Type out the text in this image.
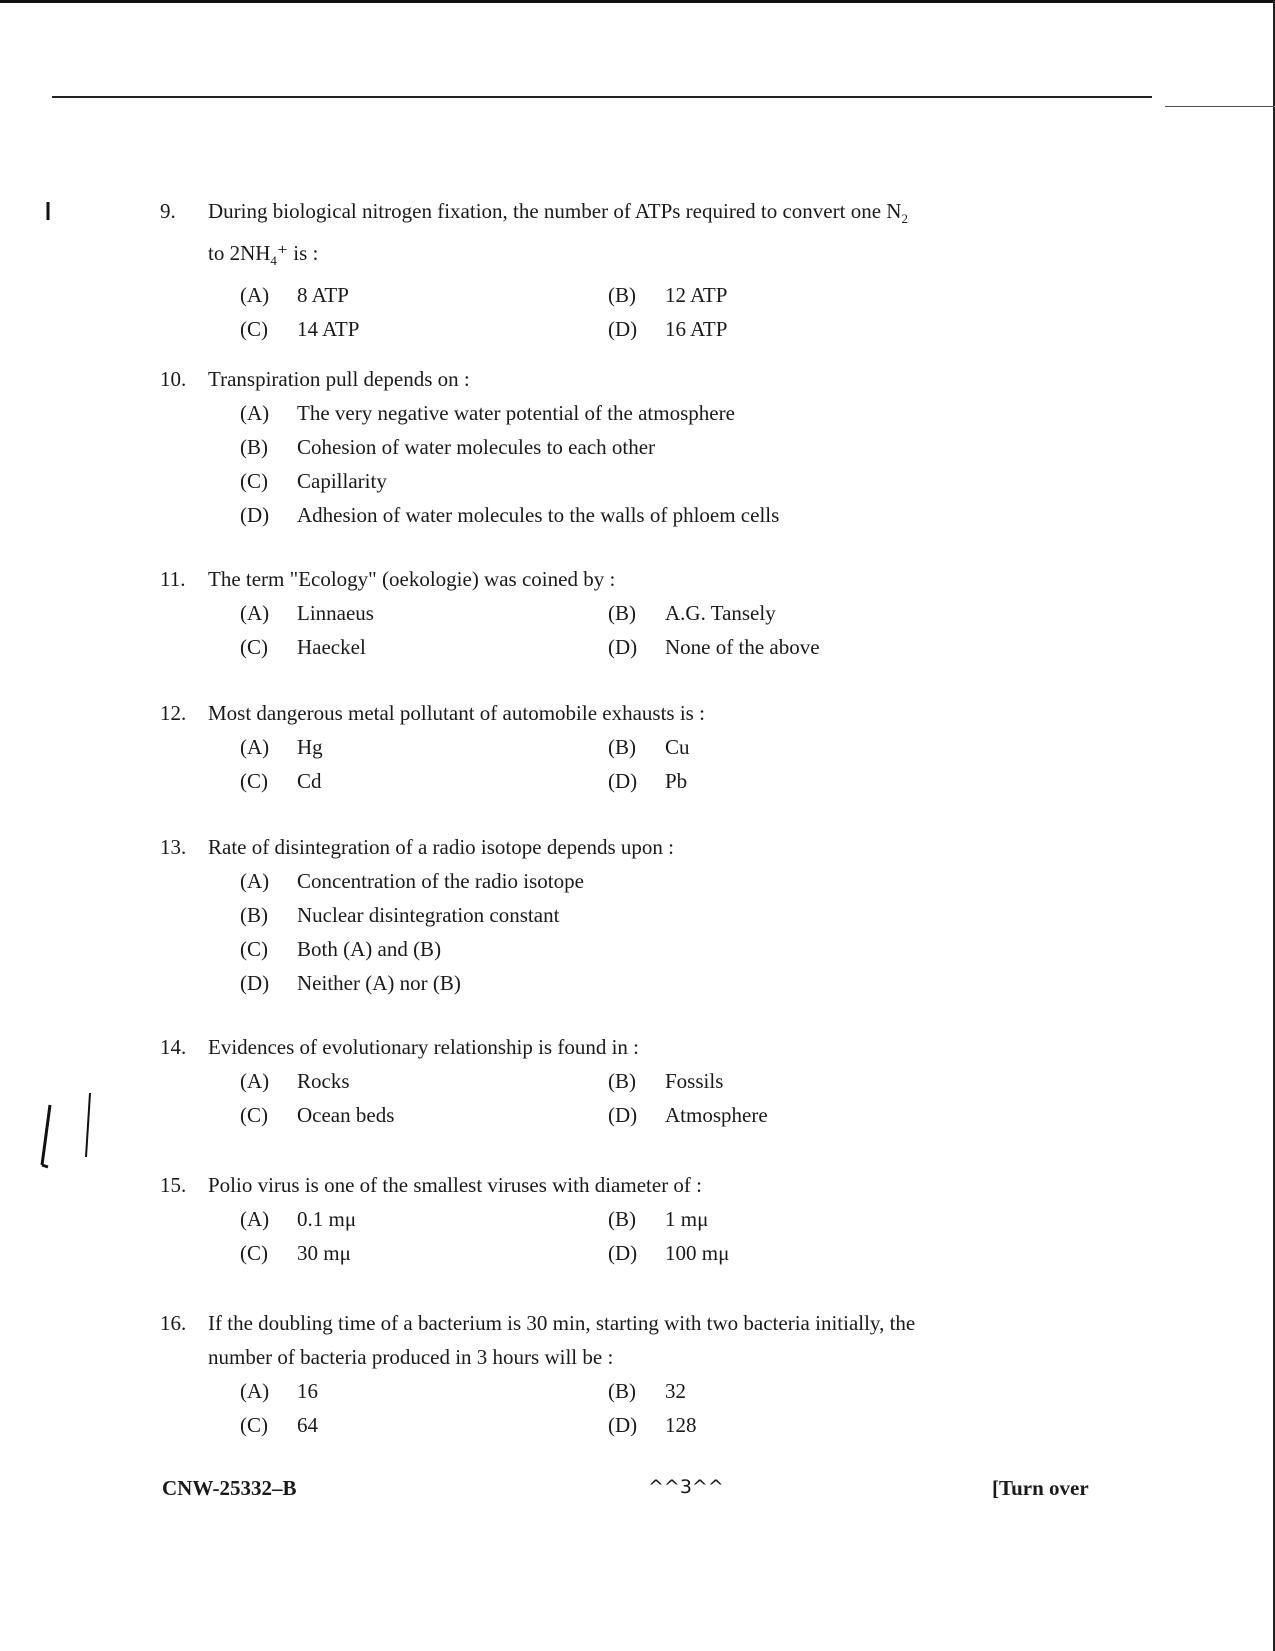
9.	During biological nitrogen fixation, the number of ATPs required to convert one $N_2$
to $2NH_4^+$ is :
(A)	8 ATP	(B)	12 ATP
(C)	14 ATP	(D)	16 ATP
10.	Transpiration pull depends on :
(A)	The very negative water potential of the atmosphere
(B)	Cohesion of water molecules to each other
(C)	Capillarity
(D)	Adhesion of water molecules to the walls of phloem cells
11.	The term "Ecology" (oekologie) was coined by :
(A)	Linnaeus	(B)	A.G. Tansely
(C)	Haeckel	(D)	None of the above
12.	Most dangerous metal pollutant of automobile exhausts is :
(A)	Hg	(B)	Cu
(C)	Cd	(D)	Pb
13.	Rate of disintegration of a radio isotope depends upon :
(A)	Concentration of the radio isotope
(B)	Nuclear disintegration constant
(C)	Both (A) and (B)
(D)	Neither (A) nor (B)
14.	Evidences of evolutionary relationship is found in :
(A)	Rocks	(B)	Fossils
(C)	Ocean beds	(D)	Atmosphere
15.	Polio virus is one of the smallest viruses with diameter of :
(A)	0.1 mμ	(B)	1 mμ
(C)	30 mμ	(D)	100 mμ
16.	If the doubling time of a bacterium is 30 min, starting with two bacteria initially, the
number of bacteria produced in 3 hours will be :
(A)	16	(B)	32
(C)	64	(D)	128
CNW-25332–B	^^3^^	[Turn over
